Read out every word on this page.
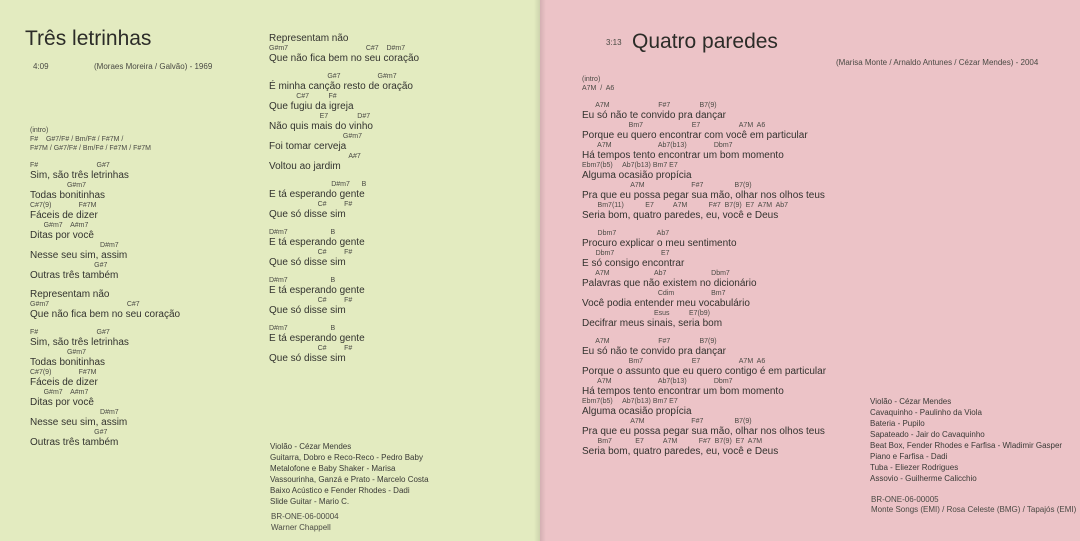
Três letrinhas
4:09	(Moraes Moreira / Galvão) - 1969
(intro)
F#    G#7/F# / Bm/F# / F#7M /
F#7M / G#7/F# / Bm/F# / F#7M / F#7M
F#                              G#7
Sim, são três letrinhas
G#m7
Todas bonitinhas
C#7(9)              F#7M
Fáceis de dizer
G#m7    A#m7
Ditas por você
D#m7
Nesse seu sim, assim
G#7
Outras três também
Representam não
G#m7                                        C#7
Que não fica bem no seu coração
F#                              G#7
Sim, são três letrinhas
G#m7
Todas bonitinhas
C#7(9)              F#7M
Fáceis de dizer
G#m7    A#m7
Ditas por você
D#m7
Nesse seu sim, assim
G#7
Outras três também
Representam não
G#m7                                        C#7    D#m7
Que não fica bem no seu coração
G#7                   G#m7
É minha canção resto de oração
C#7          F#
Que fugiu da igreja
E7               D#7
Não quis mais do vinho
G#m7
Foi tomar cerveja
A#7
Voltou ao jardim
D#m7      B
E tá esperando gente
C#         F#
Que só disse sim
D#m7                      B
E tá esperando gente
C#         F#
Que só disse sim
D#m7                      B
E tá esperando gente
C#         F#
Que só disse sim
D#m7                      B
E tá esperando gente
C#         F#
Que só disse sim
Violão - Cézar Mendes
Guitarra, Dobro e Reco-Reco - Pedro Baby
Metalofone e Baby Shaker - Marisa
Vassourinha, Ganzá e Prato - Marcelo Costa
Baixo Acústico e Fender Rhodes - Dadi
Slide Guitar - Mario C.
BR-ONE-06-00004
Warner Chappell
3:13 Quatro paredes
(Marisa Monte / Arnaldo Antunes / Cézar Mendes) - 2004
(intro)
A7M  /  A6
A7M                         F#7               B7(9)
Eu só não te convido pra dançar
Bm7                         E7                    A7M  A6
Porque eu quero encontrar com você em particular
A7M                        Ab7(b13)              Dbm7
Há tempos tento encontrar um bom momento
Ebm7(b5)     Ab7(b13) Bm7 E7
Alguma ocasião propícia
A7M                        F#7                B7(9)
Pra que eu possa pegar sua mão, olhar nos olhos teus
Bm7(11)           E7          A7M           F#7  B7(9)  E7  A7M  Ab7
Seria bom, quatro paredes, eu, você e Deus
Dbm7                     Ab7
Procuro explicar o meu sentimento
Dbm7                        E7
E só consigo encontrar
A7M                       Ab7                       Dbm7
Palavras que não existem no dicionário
Cdim                   Bm7
Você podia entender meu vocabulário
Esus          E7(b9)
Decifrar meus sinais, seria bom
A7M                         F#7               B7(9)
Eu só não te convido pra dançar
Bm7                         E7                    A7M  A6
Porque o assunto que eu quero contigo é em particular
A7M                        Ab7(b13)              Dbm7
Há tempos tento encontrar um bom momento
Ebm7(b5)     Ab7(b13) Bm7 E7
Alguma ocasião propícia
A7M                        F#7                B7(9)
Pra que eu possa pegar sua mão, olhar nos olhos teus
Bm7            E7          A7M           F#7  B7(9)  E7  A7M
Seria bom, quatro paredes, eu, você e Deus
Violão - Cézar Mendes
Cavaquinho - Paulinho da Viola
Bateria - Pupilo
Sapateado - Jair do Cavaquinho
Beat Box, Fender Rhodes e Farfisa - Wladimir Gasper
Piano e Farfisa - Dadi
Tuba - Eliezer Rodrigues
Assovio - Guilherme Calicchio
BR-ONE-06-00005
Monte Songs (EMI) / Rosa Celeste (BMG) / Tapajós (EMI)
